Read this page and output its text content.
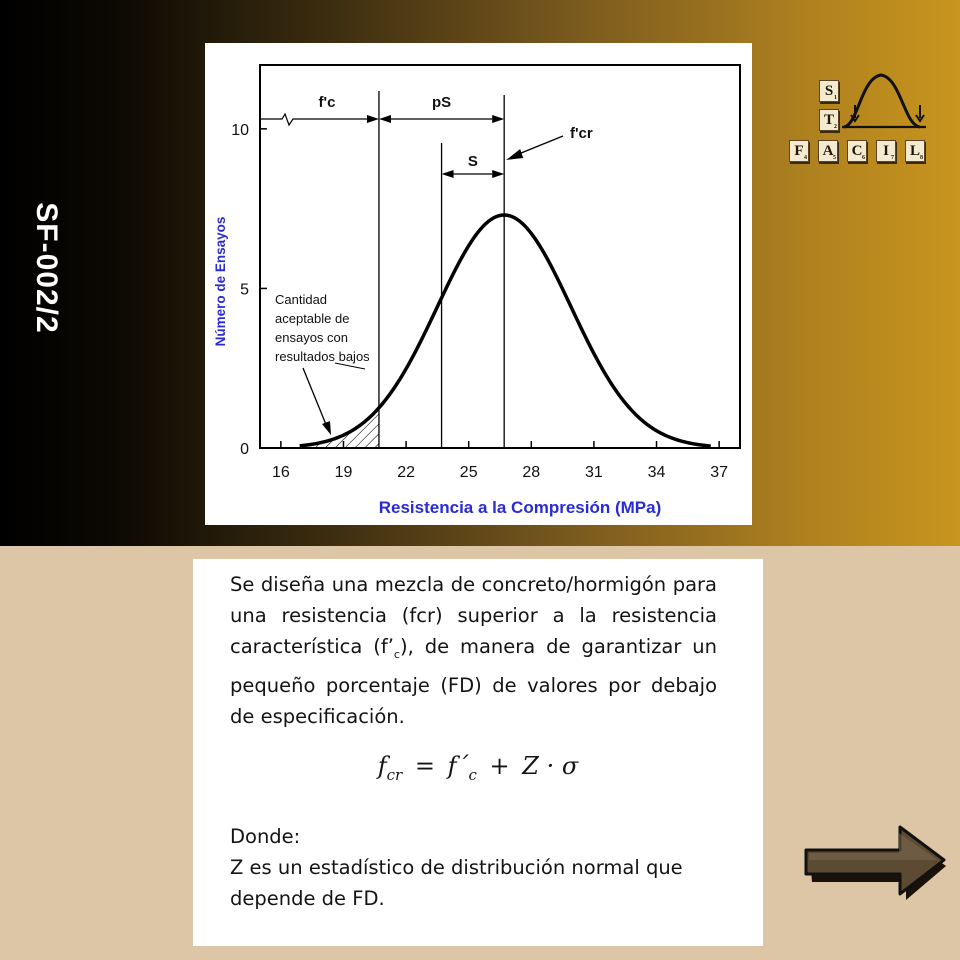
SF-002/2
16	19	22	25	28	31	34	37
0
5
10
Resistencia a la Compresión (MPa)
Número de Ensayos
f'c	pS
S
f'cr
Cantidad
aceptable de
ensayos con
resultados bajos
S 1
T 2
F 4	A 5	C 6	I 7	L 8

Se diseña una mezcla de concreto/hormigón para una resistencia (fcr) superior a la resistencia característica $(f’_c)$, de manera de garantizar un pequeño porcentaje (FD) de valores por debajo de especificación.

$f_{cr}$ = $f´_c + Z \cdot \sigma$
Donde:
Z es un estadístico de distribución normal que depende de FD.
